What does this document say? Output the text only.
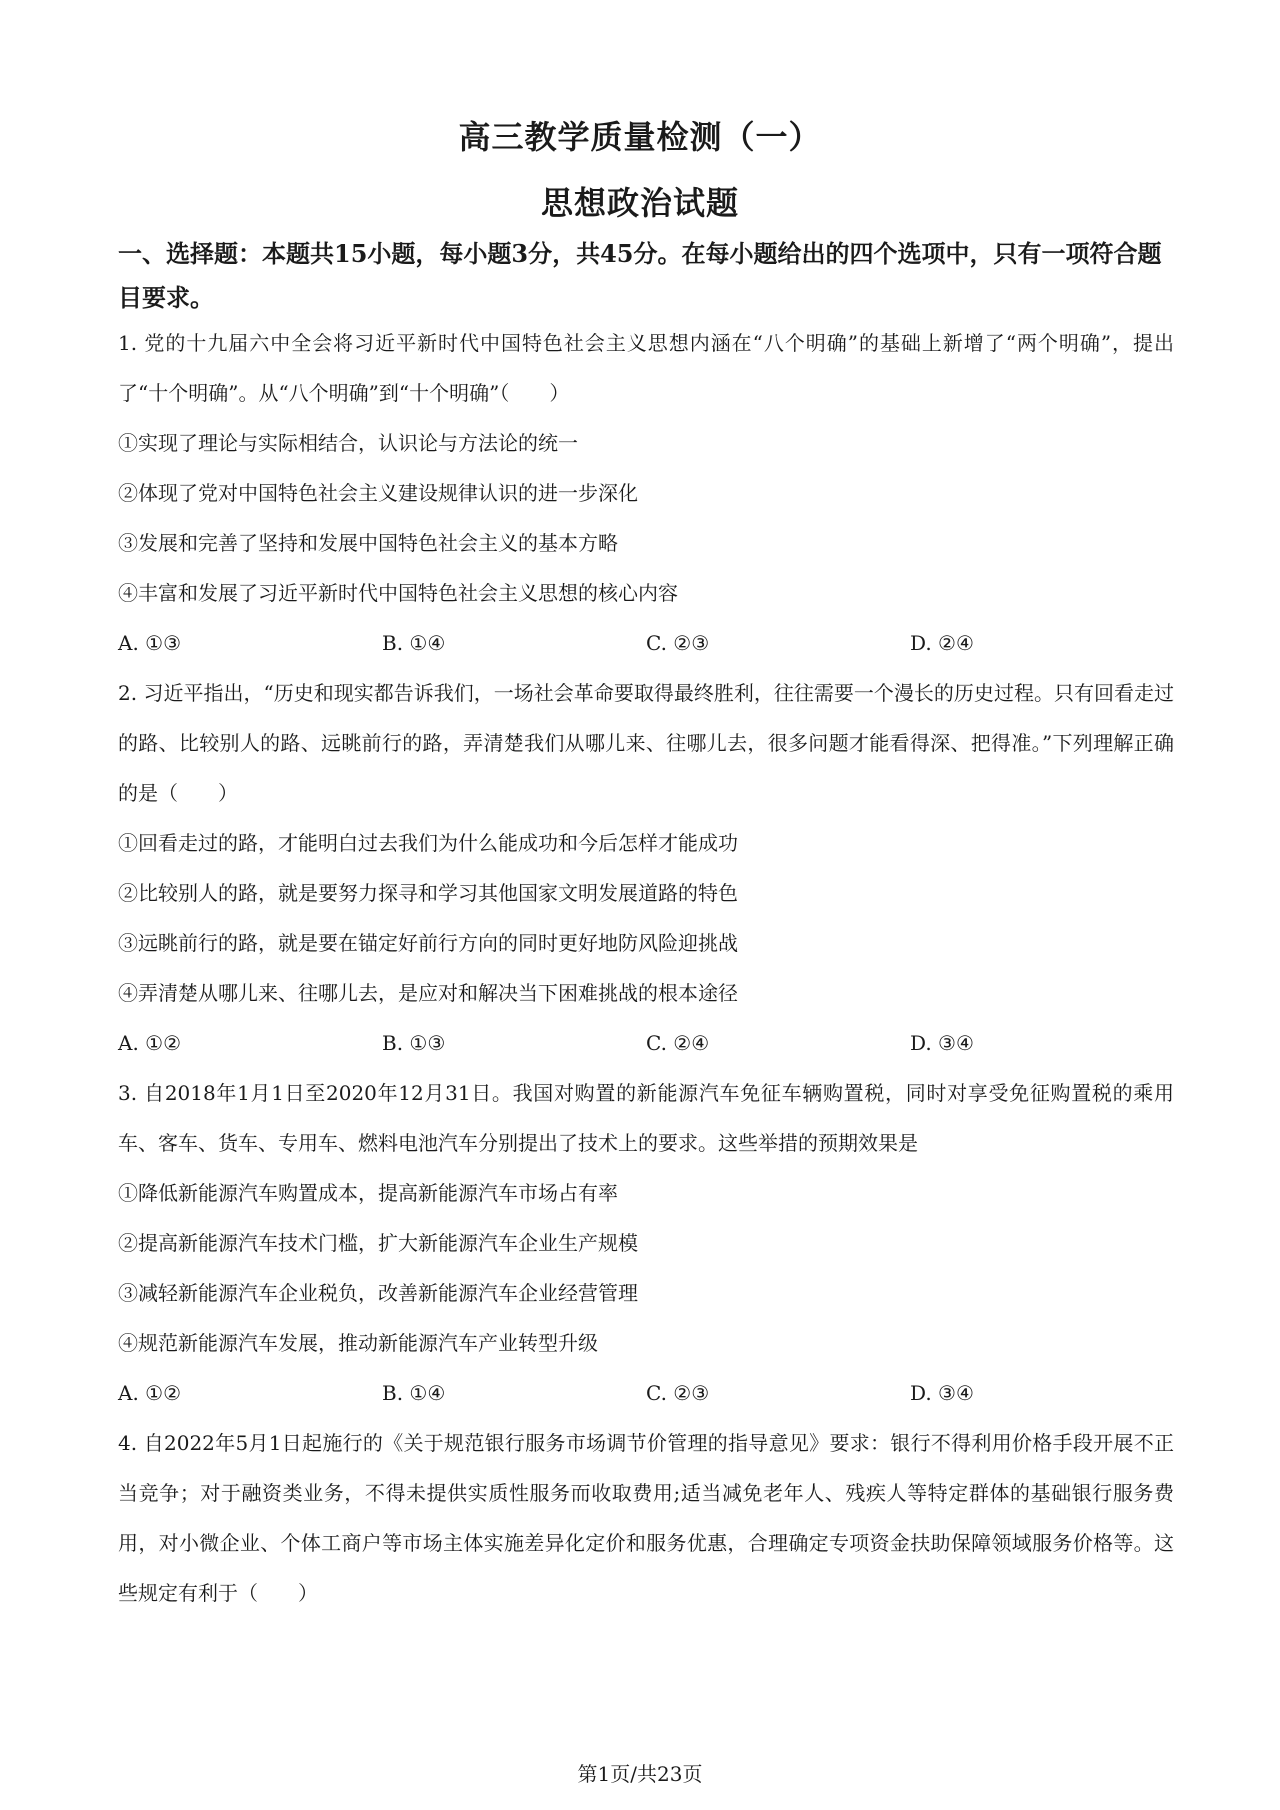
高三教学质量检测（一）
思想政治试题
一、选择题：本题共15小题，每小题3分，共45分。在每小题给出的四个选项中，只有一项符合题目要求。

1. 党的十九届六中全会将习近平新时代中国特色社会主义思想内涵在“八个明确”的基础上新增了“两个明确”，提出了“十个明确”。从“八个明确”到“十个明确”（　　）

①实现了理论与实际相结合，认识论与方法论的统一

②体现了党对中国特色社会主义建设规律认识的进一步深化

③发展和完善了坚持和发展中国特色社会主义的基本方略

④丰富和发展了习近平新时代中国特色社会主义思想的核心内容

A. ①③	B. ①④	C. ②③	D. ②④

2. 习近平指出，“历史和现实都告诉我们，一场社会革命要取得最终胜利，往往需要一个漫长的历史过程。只有回看走过的路、比较别人的路、远眺前行的路，弄清楚我们从哪儿来、往哪儿去，很多问题才能看得深、把得准。”下列理解正确的是（　　）

①回看走过的路，才能明白过去我们为什么能成功和今后怎样才能成功

②比较别人的路，就是要努力探寻和学习其他国家文明发展道路的特色

③远眺前行的路，就是要在锚定好前行方向的同时更好地防风险迎挑战

④弄清楚从哪儿来、往哪儿去，是应对和解决当下困难挑战的根本途径

A. ①②	B. ①③	C. ②④	D. ③④

3. 自2018年1月1日至2020年12月31日。我国对购置的新能源汽车免征车辆购置税，同时对享受免征购置税的乘用车、客车、货车、专用车、燃料电池汽车分别提出了技术上的要求。这些举措的预期效果是

①降低新能源汽车购置成本，提高新能源汽车市场占有率

②提高新能源汽车技术门槛，扩大新能源汽车企业生产规模

③减轻新能源汽车企业税负，改善新能源汽车企业经营管理

④规范新能源汽车发展，推动新能源汽车产业转型升级

A. ①②	B. ①④	C. ②③	D. ③④

4. 自2022年5月1日起施行的《关于规范银行服务市场调节价管理的指导意见》要求：银行不得利用价格手段开展不正当竞争；对于融资类业务，不得未提供实质性服务而收取费用;适当减免老年人、残疾人等特定群体的基础银行服务费用，对小微企业、个体工商户等市场主体实施差异化定价和服务优惠，合理确定专项资金扶助保障领域服务价格等。这些规定有利于（　　）

第1页/共23页
